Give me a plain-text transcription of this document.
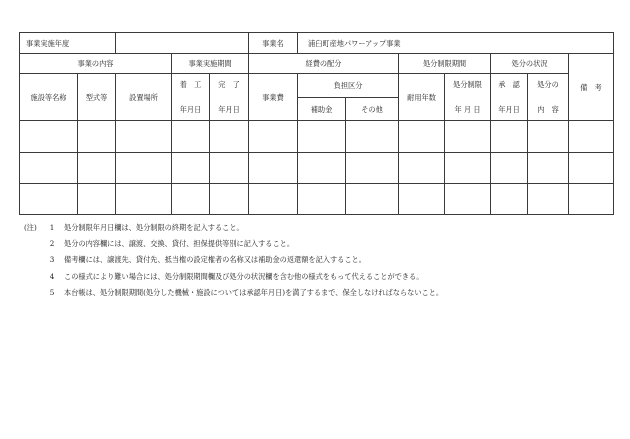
事業実施年度					事業名	浦臼町産地パワーアップ事業						
事業の内容			事業実施期間		経費の配分			処分制限期間		処分の状況		備　考
施設等名称	型式等	設置場所	着　工	完　了	事業費	負担区分		耐用年数	処分制限	承　認	処分の	
			年月日	年月日		補助金	その他		年 月 日	年月日	内　容	

(注) 1 処分制限年月日欄は、処分制限の終期を記入すること。
2 処分の内容欄には、譲渡、交換、貸付、担保提供等別に記入すること。
3 備考欄には、譲渡先、貸付先、抵当権の設定権者の名称又は補助金の返還額を記入すること。
4 この様式により難い場合には、処分制限期間欄及び処分の状況欄を含む他の様式をもって代えることができる。
5 本台帳は、処分制限期間(処分した機械・施設については承認年月日)を満了するまで、保全しなければならないこと。
